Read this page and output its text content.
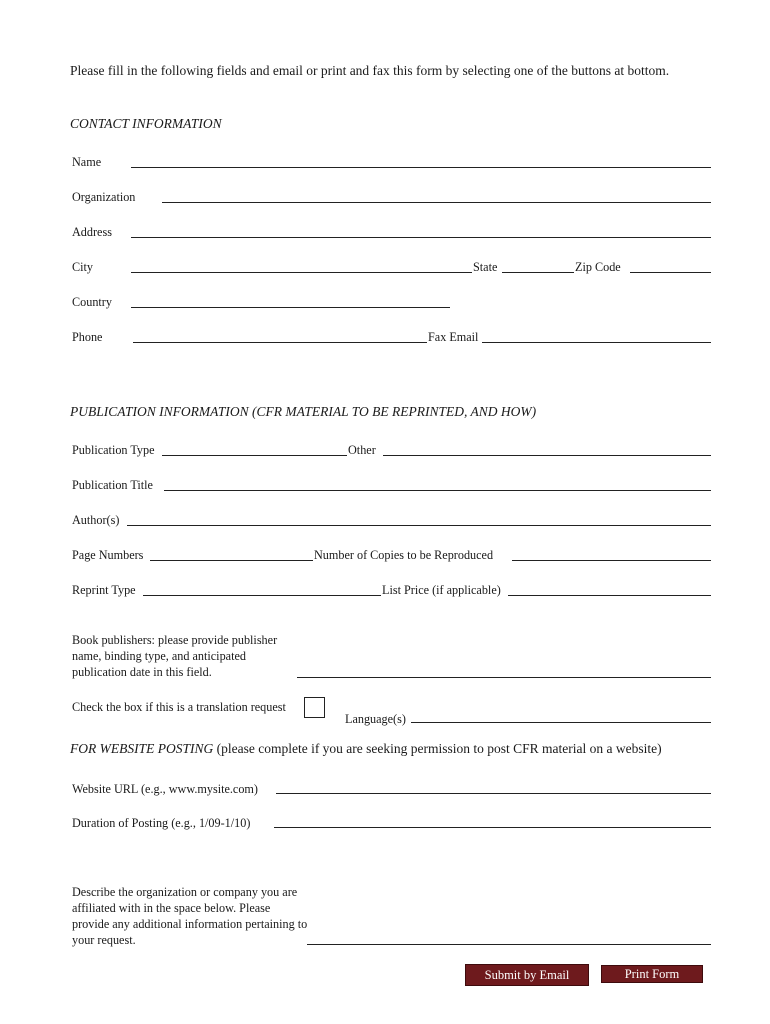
Please fill in the following fields and email or print and fax this form by selecting one of the buttons at bottom.
CONTACT INFORMATION
Name
Organization
Address
City	State	Zip Code
Country
Phone	Fax Email
PUBLICATION INFORMATION (CFR MATERIAL TO BE REPRINTED, AND HOW)
Publication Type	Other
Publication Title
Author(s)
Page Numbers	Number of Copies to be Reproduced
Reprint Type	List Price (if applicable)
Book publishers: please provide publisher name, binding type, and anticipated publication date in this field.
Check the box if this is a translation request
Language(s)
FOR WEBSITE POSTING (please complete if you are seeking permission to post CFR material on a website)
Website URL (e.g., www.mysite.com)
Duration of Posting (e.g., 1/09-1/10)
Describe the organization or company you are affiliated with in the space below. Please provide any additional information pertaining to your request.
Submit by Email	Print Form
